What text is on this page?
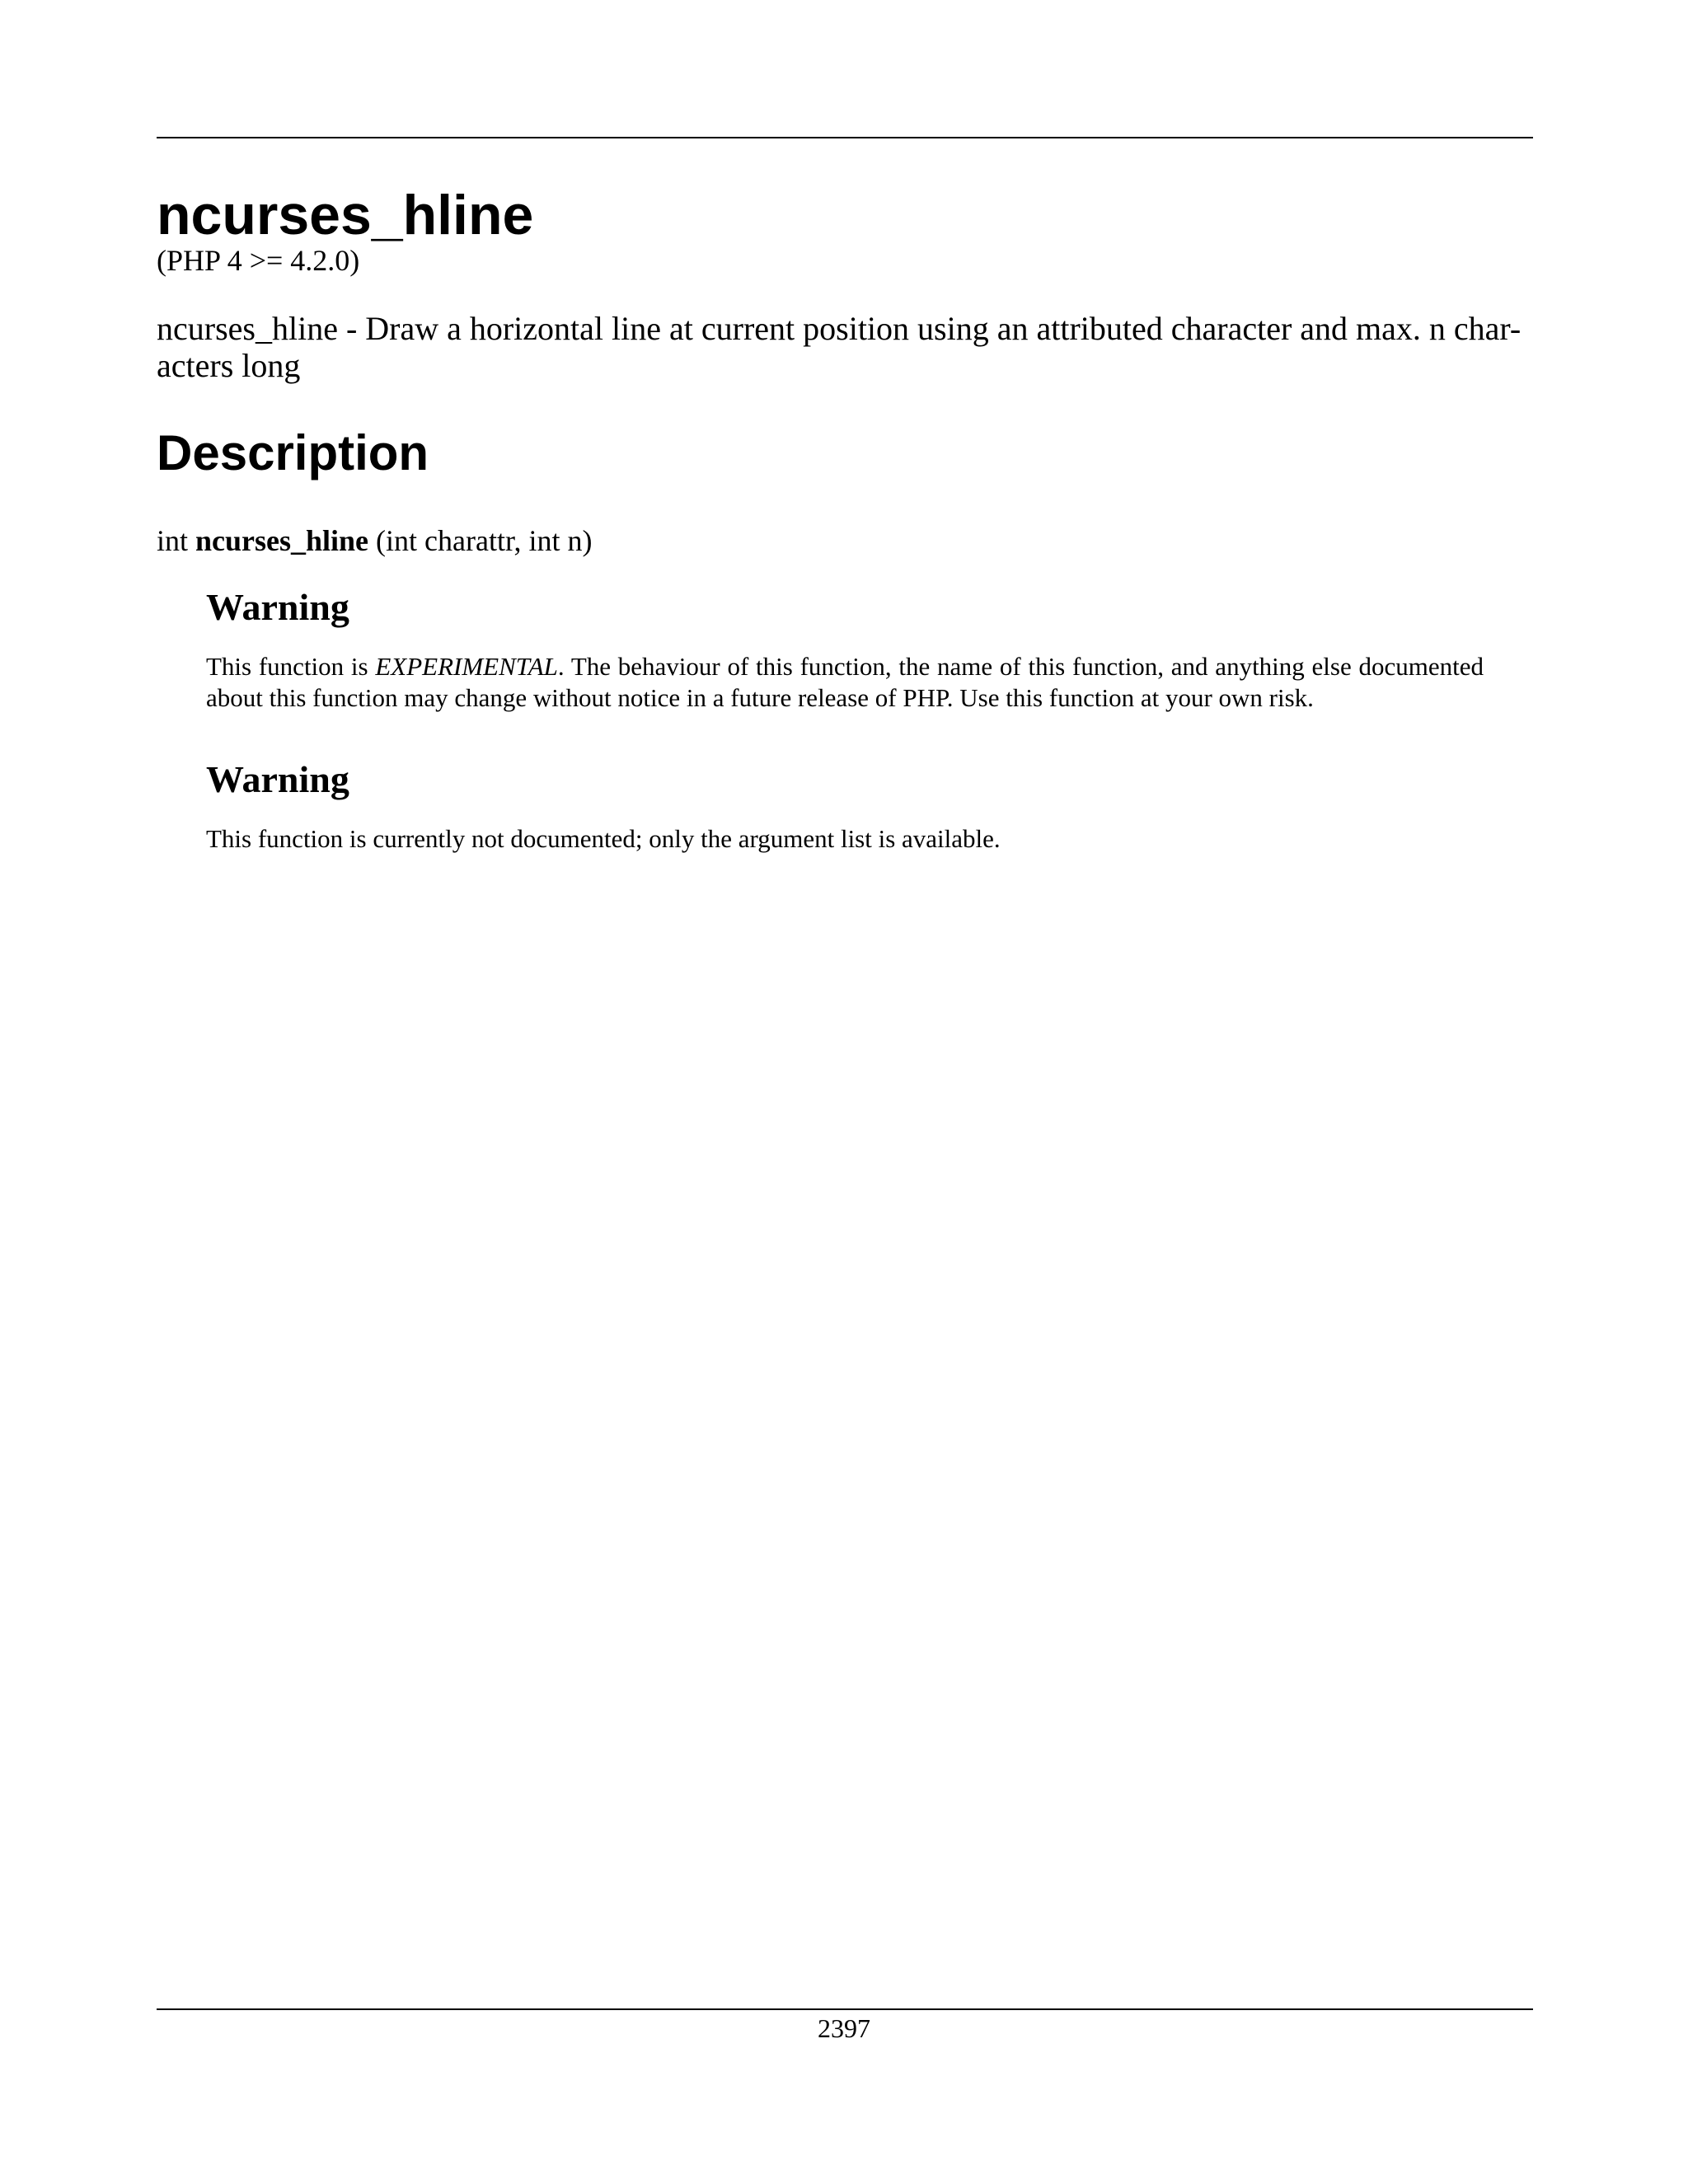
ncurses_hline

(PHP 4 >= 4.2.0)

ncurses_hline - Draw a horizontal line at current position using an attributed character and max. n char- acters long

Description

int ncurses_hline (int charattr, int n)

Warning

This function is EXPERIMENTAL. The behaviour of this function, the name of this function, and anything else documented about this function may change without notice in a future release of PHP. Use this function at your own risk.

Warning

This function is currently not documented; only the argument list is available.

2397
